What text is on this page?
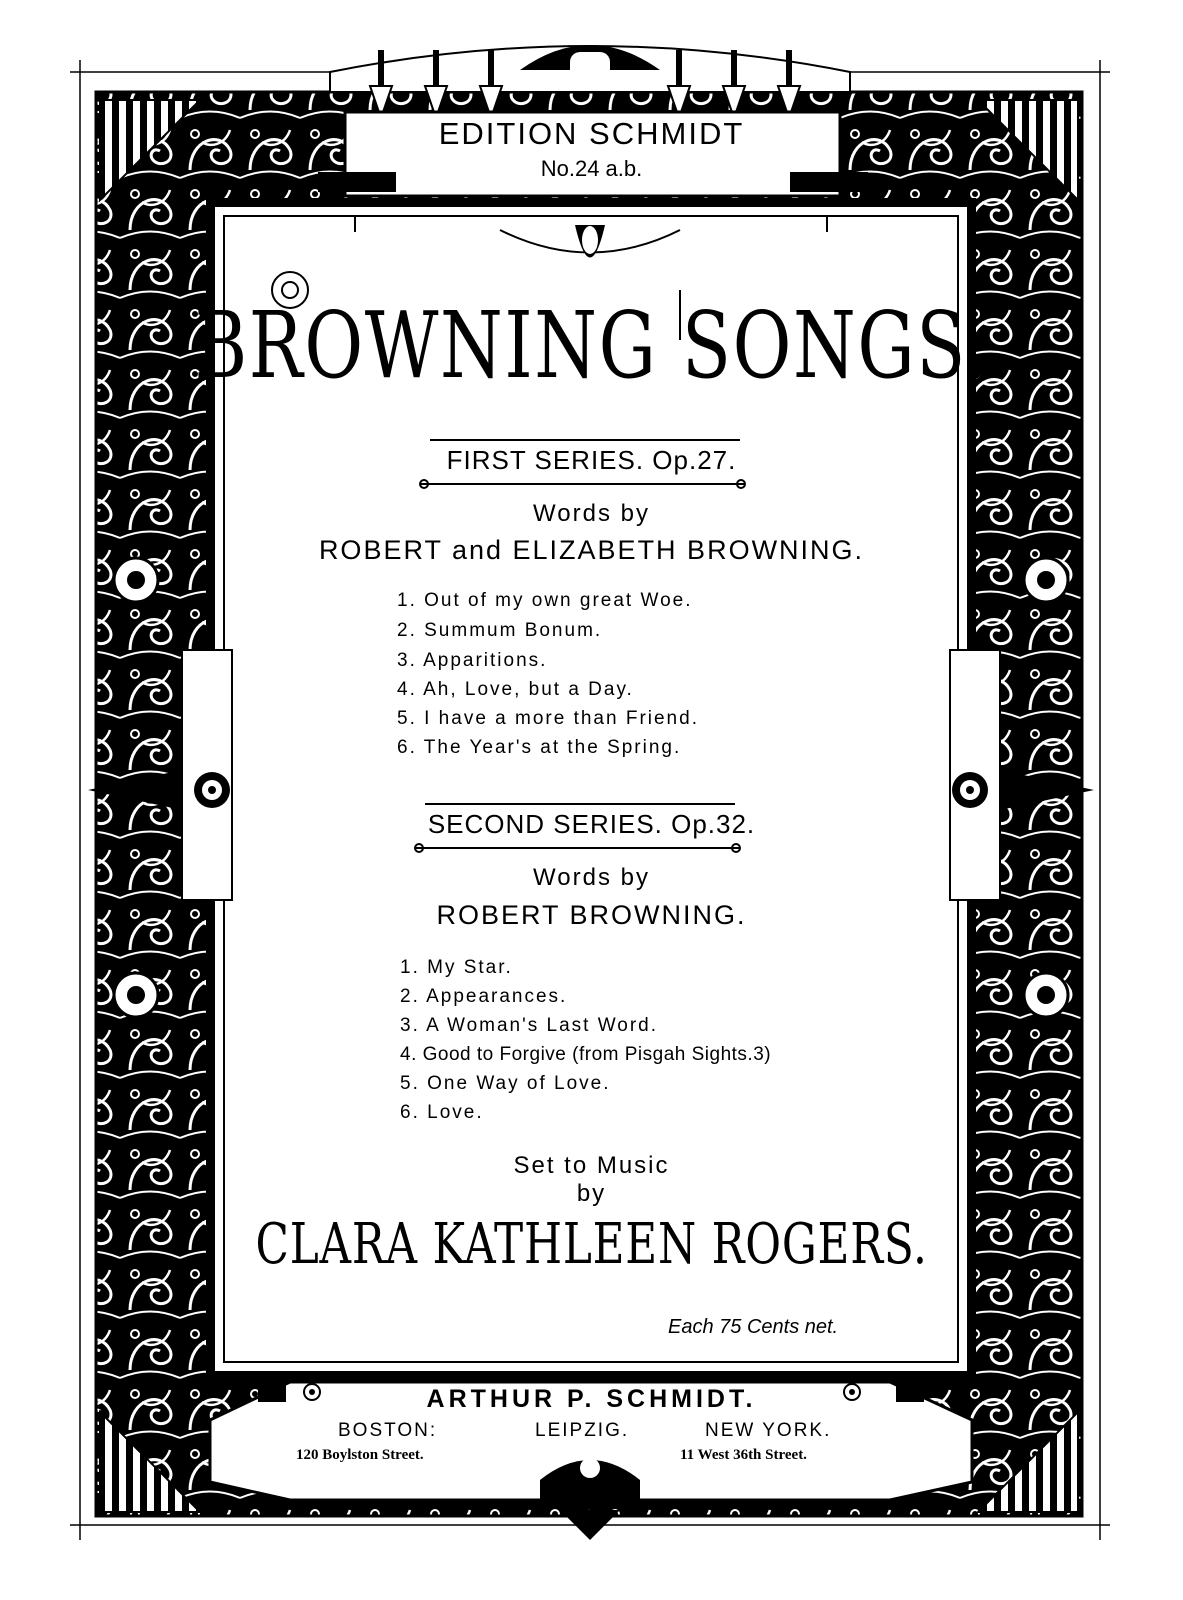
EDITION SCHMIDT
No.24 a.b.
BROWNING SONGS.
FIRST SERIES. Op.27.
Words by
ROBERT and ELIZABETH BROWNING.
1. Out of my own great Woe.
2. Summum Bonum.
3. Apparitions.
4. Ah, Love, but a Day.
5. I have a more than Friend.
6. The Year's at the Spring.
SECOND SERIES. Op.32.
Words by
ROBERT BROWNING.
1. My Star.
2. Appearances.
3. A Woman's Last Word.
4. Good to Forgive (from Pisgah Sights.3)
5. One Way of Love.
6. Love.
Set to Music
by
CLARA KATHLEEN ROGERS.
Each 75 Cents net.
ARTHUR P. SCHMIDT.
BOSTON:	LEIPZIG.	NEW YORK.
120 Boylston Street.	11 West 36th Street.
